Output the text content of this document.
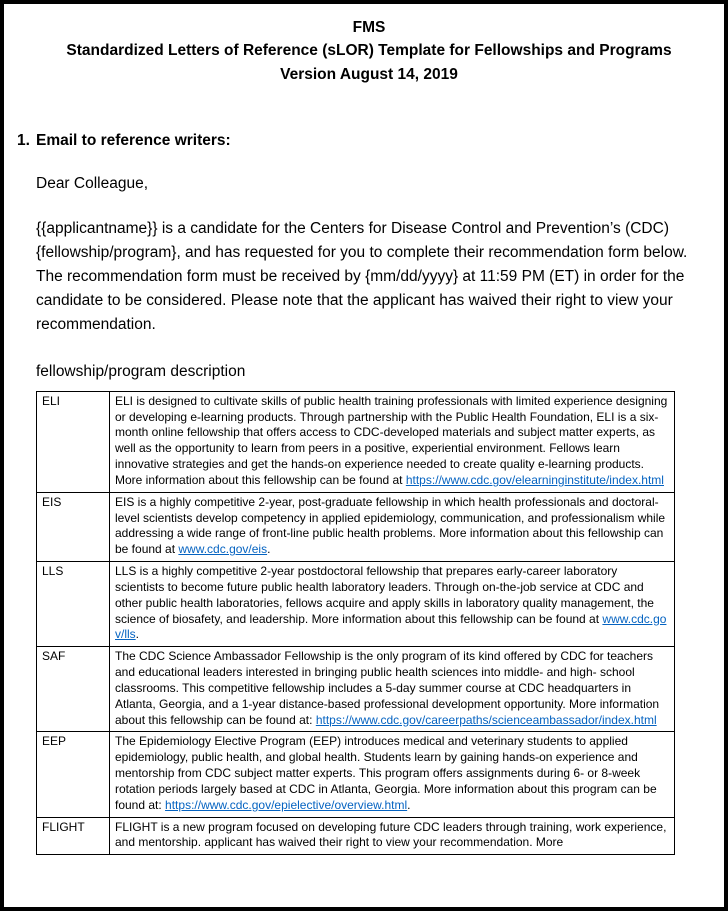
FMS
Standardized Letters of Reference (sLOR) Template for Fellowships and Programs
Version August 14, 2019
1. Email to reference writers:
Dear Colleague,
{{applicantname}} is a candidate for the Centers for Disease Control and Prevention’s (CDC) {fellowship/program}, and has requested for you to complete their recommendation form below. The recommendation form must be received by {mm/dd/yyyy} at 11:59 PM (ET) in order for the candidate to be considered. Please note that the applicant has waived their right to view your recommendation.
fellowship/program description
ELI	ELI is designed to cultivate skills of public health training professionals with limited experience designing or developing e-learning products. Through partnership with the Public Health Foundation, ELI is a six-month online fellowship that offers access to CDC-developed materials and subject matter experts, as well as the opportunity to learn from peers in a positive, experiential environment. Fellows learn innovative strategies and get the hands-on experience needed to create quality e-learning products. More information about this fellowship can be found at https://www.cdc.gov/elearninginstitute/index.html
EIS	EIS is a highly competitive 2-year, post-graduate fellowship in which health professionals and doctoral-level scientists develop competency in applied epidemiology, communication, and professionalism while addressing a wide range of front-line public health problems. More information about this fellowship can be found at www.cdc.gov/eis.
LLS	LLS is a highly competitive 2-year postdoctoral fellowship that prepares early-career laboratory scientists to become future public health laboratory leaders. Through on-the-job service at CDC and other public health laboratories, fellows acquire and apply skills in laboratory quality management, the science of biosafety, and leadership. More information about this fellowship can be found at www.cdc.gov/lls.
SAF	The CDC Science Ambassador Fellowship is the only program of its kind offered by CDC for teachers and educational leaders interested in bringing public health sciences into middle- and high- school classrooms. This competitive fellowship includes a 5-day summer course at CDC headquarters in Atlanta, Georgia, and a 1-year distance-based professional development opportunity. More information about this fellowship can be found at: https://www.cdc.gov/careerpaths/scienceambassador/index.html
EEP	The Epidemiology Elective Program (EEP) introduces medical and veterinary students to applied epidemiology, public health, and global health. Students learn by gaining hands-on experience and mentorship from CDC subject matter experts. This program offers assignments during 6- or 8-week rotation periods largely based at CDC in Atlanta, Georgia. More information about this program can be found at: https://www.cdc.gov/epielective/overview.html.
FLIGHT	FLIGHT is a new program focused on developing future CDC leaders through training, work experience, and mentorship. applicant has waived their right to view your recommendation. More
